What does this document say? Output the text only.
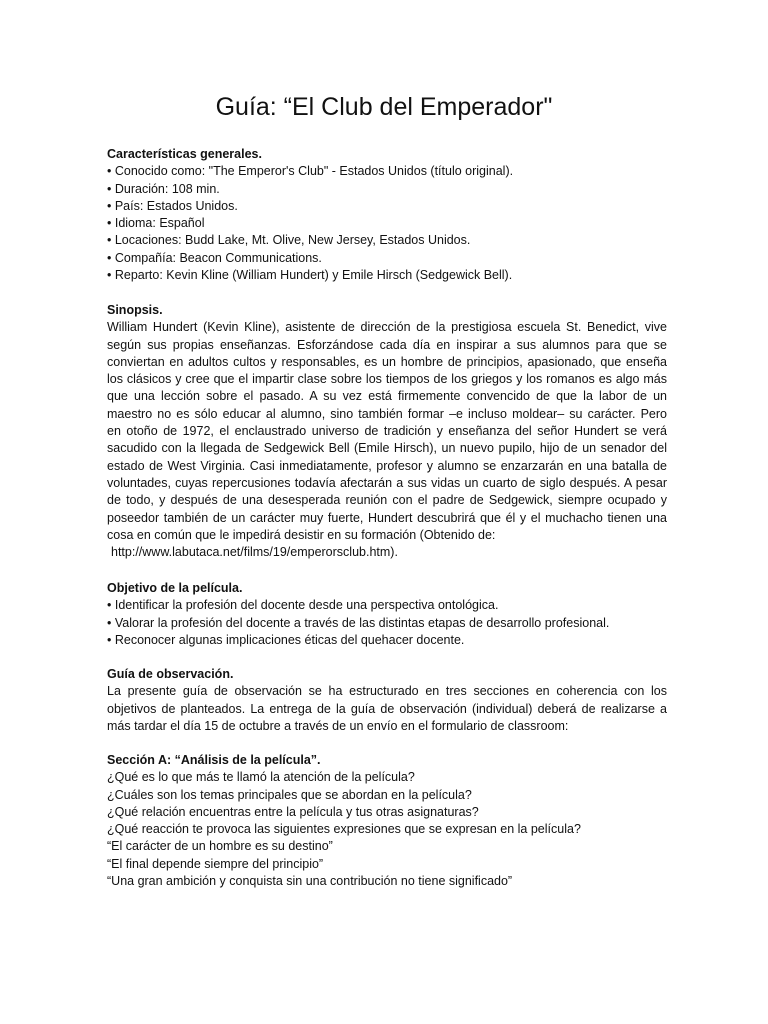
Guía: “El Club del Emperador"
Características generales.
• Conocido como: "The Emperor's Club" - Estados Unidos (título original).
• Duración: 108 min.
• País: Estados Unidos.
• Idioma: Español
• Locaciones: Budd Lake, Mt. Olive, New Jersey, Estados Unidos.
• Compañía: Beacon Communications.
• Reparto: Kevin Kline (William Hundert) y Emile Hirsch (Sedgewick Bell).
Sinopsis.
William Hundert (Kevin Kline), asistente de dirección de la prestigiosa escuela St. Benedict, vive
según sus propias enseñanzas. Esforzándose cada día en inspirar a sus alumnos para que se
conviertan en adultos cultos y responsables, es un hombre de principios, apasionado, que enseña
los clásicos y cree que el impartir clase sobre los tiempos de los griegos y los romanos es algo más
que una lección sobre el pasado. A su vez está firmemente convencido de que la labor de un
maestro no es sólo educar al alumno, sino también formar –e incluso moldear– su carácter. Pero
en otoño de 1972, el enclaustrado universo de tradición y enseñanza del señor Hundert se verá
sacudido con la llegada de Sedgewick Bell (Emile Hirsch), un nuevo pupilo, hijo de un senador del
estado de West Virginia. Casi inmediatamente, profesor y alumno se enzarzarán en una batalla de
voluntades, cuyas repercusiones todavía afectarán a sus vidas un cuarto de siglo después. A pesar
de todo, y después de una desesperada reunión con el padre de Sedgewick, siempre ocupado y
poseedor también de un carácter muy fuerte, Hundert descubrirá que él y el muchacho tienen una
cosa en común que le impedirá desistir en su formación (Obtenido de:
http://www.labutaca.net/films/19/emperorsclub.htm).
Objetivo de la película.
• Identificar la profesión del docente desde una perspectiva ontológica.
• Valorar la profesión del docente a través de las distintas etapas de desarrollo profesional.
• Reconocer algunas implicaciones éticas del quehacer docente.
Guía de observación.
La presente guía de observación se ha estructurado en tres secciones en coherencia con los
objetivos de planteados. La entrega de la guía de observación (individual) deberá de realizarse a
más tardar el día 15 de octubre a través de un envío en el formulario de classroom:
Sección A: “Análisis de la película”.
¿Qué es lo que más te llamó la atención de la película?
¿Cuáles son los temas principales que se abordan en la película?
¿Qué relación encuentras entre la película y tus otras asignaturas?
¿Qué reacción te provoca las siguientes expresiones que se expresan en la película?
“El carácter de un hombre es su destino”
“El final depende siempre del principio”
“Una gran ambición y conquista sin una contribución no tiene significado”
